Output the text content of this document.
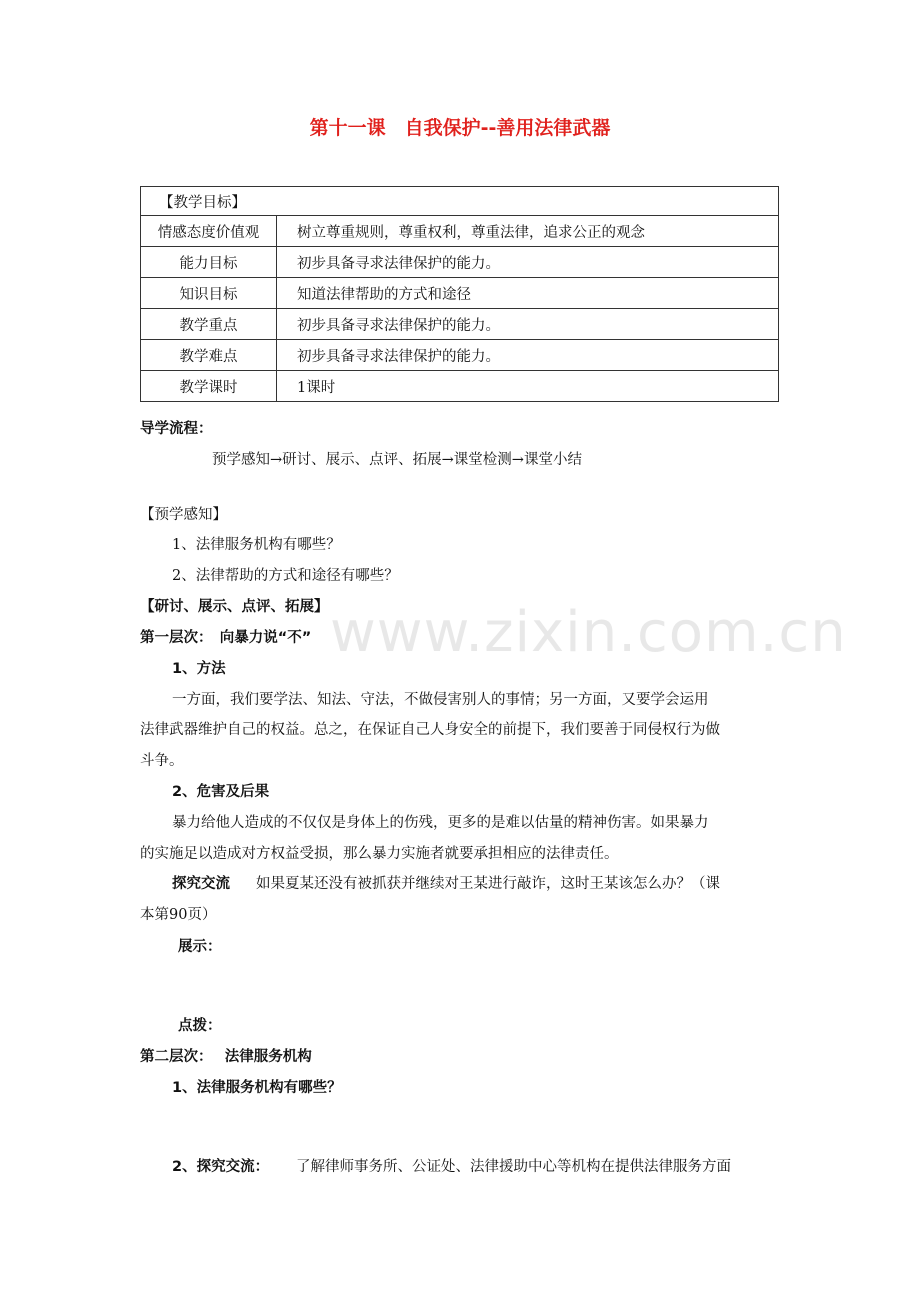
第十一课　自我保护--善用法律武器
【教学目标】	
情感态度价值观	树立尊重规则，尊重权利，尊重法律，追求公正的观念
能力目标	初步具备寻求法律保护的能力。
知识目标	知道法律帮助的方式和途径
教学重点	初步具备寻求法律保护的能力。
教学难点	初步具备寻求法律保护的能力。
教学课时	1课时
导学流程：
预学感知→研讨、展示、点评、拓展→课堂检测→课堂小结
【预学感知】
1、法律服务机构有哪些？
2、法律帮助的方式和途径有哪些？
【研讨、展示、点评、拓展】
第一层次：　向暴力说“不”
1、方法
一方面，我们要学法、知法、守法，不做侵害别人的事情；另一方面，又要学会运用
法律武器维护自己的权益。总之，在保证自己人身安全的前提下，我们要善于同侵权行为做
斗争。
2、危害及后果
暴力给他人造成的不仅仅是身体上的伤残，更多的是难以估量的精神伤害。如果暴力
的实施足以造成对方权益受损，那么暴力实施者就要承担相应的法律责任。
探究交流 如果夏某还没有被抓获并继续对王某进行敲诈，这时王某该怎么办？（课
本第90页）
展示：
点拨：
第二层次：　 法律服务机构
1、法律服务机构有哪些？
2、探究交流： 了解律师事务所、公证处、法律援助中心等机构在提供法律服务方面
www.zixin.com.cn
